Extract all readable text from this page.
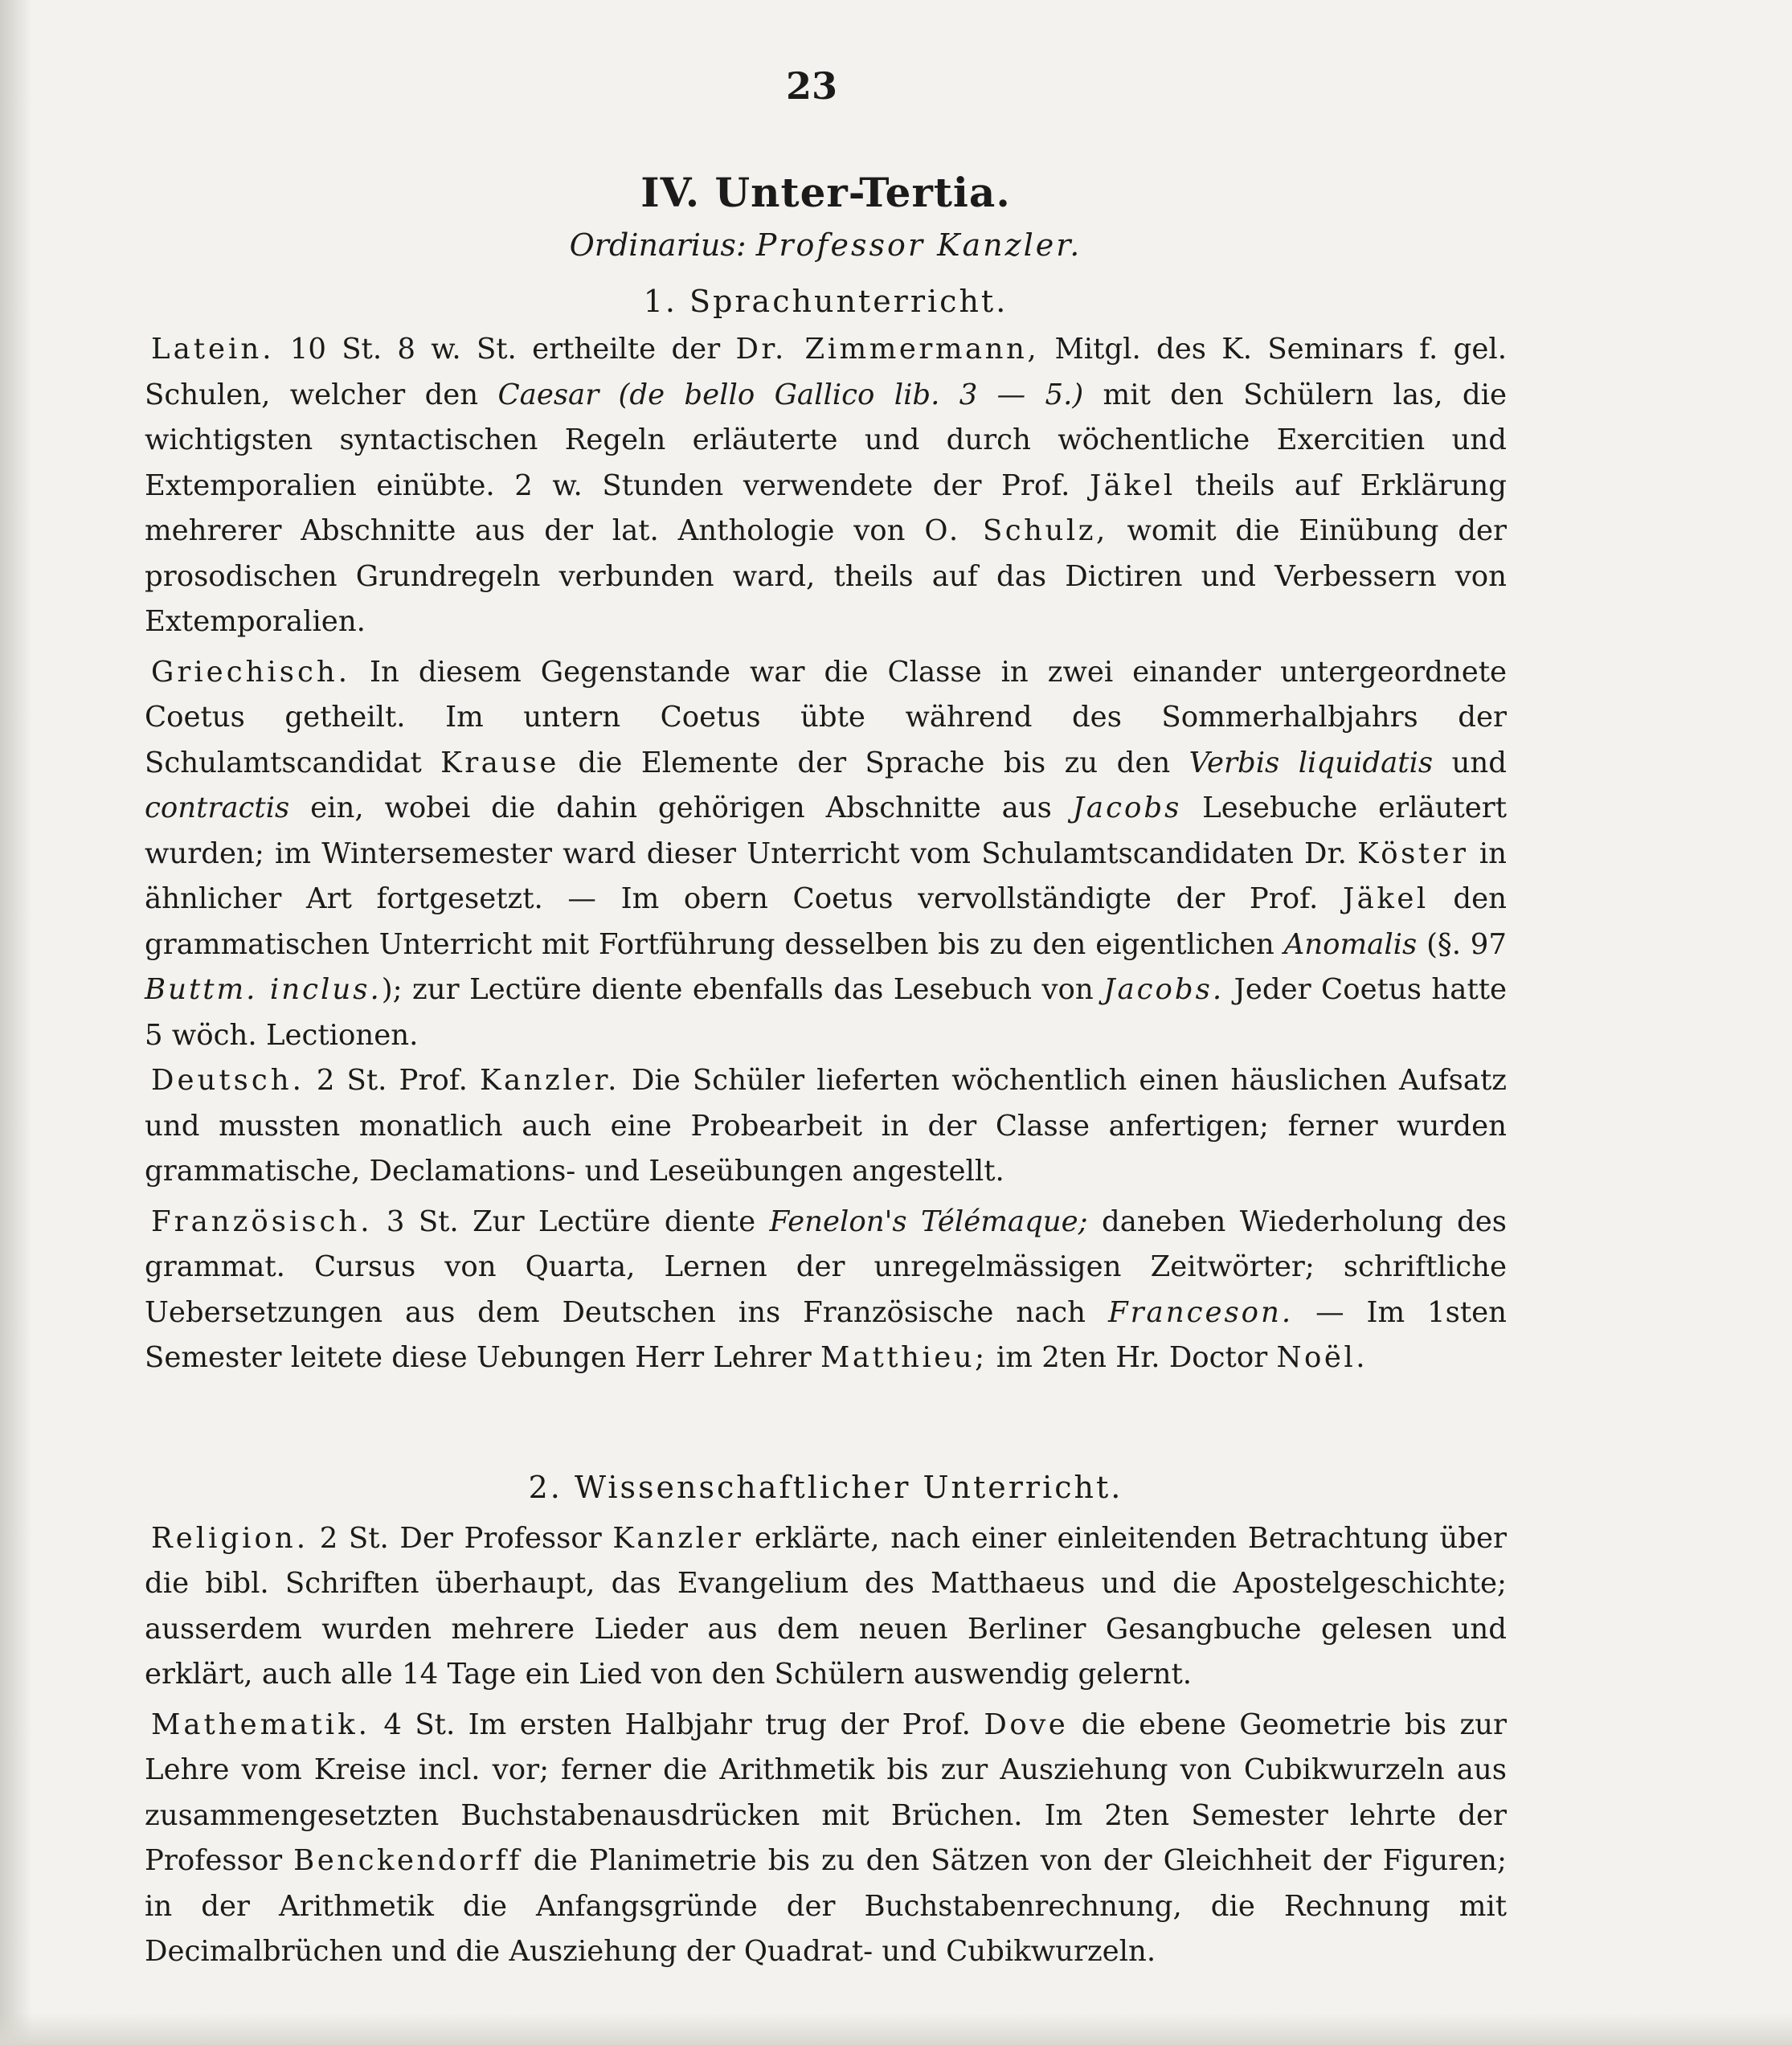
23
IV. Unter-Tertia.
Ordinarius: Professor Kanzler.
1. Sprachunterricht.

Latein. 10 St. 8 w. St. ertheilte der Dr. Zimmermann, Mitgl. des K. Seminars f. gel. Schulen, welcher den Caesar (de bello Gallico lib. 3 — 5.) mit den Schülern las, die wichtigsten syntactischen Regeln erläuterte und durch wöchentliche Exercitien und Extemporalien einübte. 2 w. Stunden verwendete der Prof. Jäkel theils auf Erklärung mehrerer Abschnitte aus der lat. Anthologie von O. Schulz, womit die Einübung der prosodischen Grundregeln verbunden ward, theils auf das Dictiren und Verbessern von Extemporalien.

Griechisch. In diesem Gegenstande war die Classe in zwei einander untergeordnete Coetus getheilt. Im untern Coetus übte während des Sommerhalbjahrs der Schulamtscandidat Krause die Elemente der Sprache bis zu den Verbis liquidatis und contractis ein, wobei die dahin gehörigen Abschnitte aus Jacobs Lesebuche erläutert wurden; im Wintersemester ward dieser Unterricht vom Schulamtscandidaten Dr. Köster in ähnlicher Art fortgesetzt. — Im obern Coetus vervollständigte der Prof. Jäkel den grammatischen Unterricht mit Fortführung desselben bis zu den eigentlichen Anomalis (§. 97 Buttm. inclus.); zur Lectüre diente ebenfalls das Lesebuch von Jacobs. Jeder Coetus hatte 5 wöch. Lectionen.

Deutsch. 2 St. Prof. Kanzler. Die Schüler lieferten wöchentlich einen häuslichen Aufsatz und mussten monatlich auch eine Probearbeit in der Classe anfertigen; ferner wurden grammatische, Declamations- und Leseübungen angestellt.

Französisch. 3 St. Zur Lectüre diente Fenelon's Télémaque; daneben Wiederholung des grammat. Cursus von Quarta, Lernen der unregelmässigen Zeitwörter; schriftliche Uebersetzungen aus dem Deutschen ins Französische nach Franceson. — Im 1sten Semester leitete diese Uebungen Herr Lehrer Matthieu; im 2ten Hr. Doctor Noël.

2. Wissenschaftlicher Unterricht.

Religion. 2 St. Der Professor Kanzler erklärte, nach einer einleitenden Betrachtung über die bibl. Schriften überhaupt, das Evangelium des Matthaeus und die Apostelgeschichte; ausserdem wurden mehrere Lieder aus dem neuen Berliner Gesangbuche gelesen und erklärt, auch alle 14 Tage ein Lied von den Schülern auswendig gelernt.

Mathematik. 4 St. Im ersten Halbjahr trug der Prof. Dove die ebene Geometrie bis zur Lehre vom Kreise incl. vor; ferner die Arithmetik bis zur Ausziehung von Cubikwurzeln aus zusammengesetzten Buchstabenausdrücken mit Brüchen. Im 2ten Semester lehrte der Professor Benckendorff die Planimetrie bis zu den Sätzen von der Gleichheit der Figuren; in der Arithmetik die Anfangsgründe der Buchstabenrechnung, die Rechnung mit Decimalbrüchen und die Ausziehung der Quadrat- und Cubikwurzeln.
